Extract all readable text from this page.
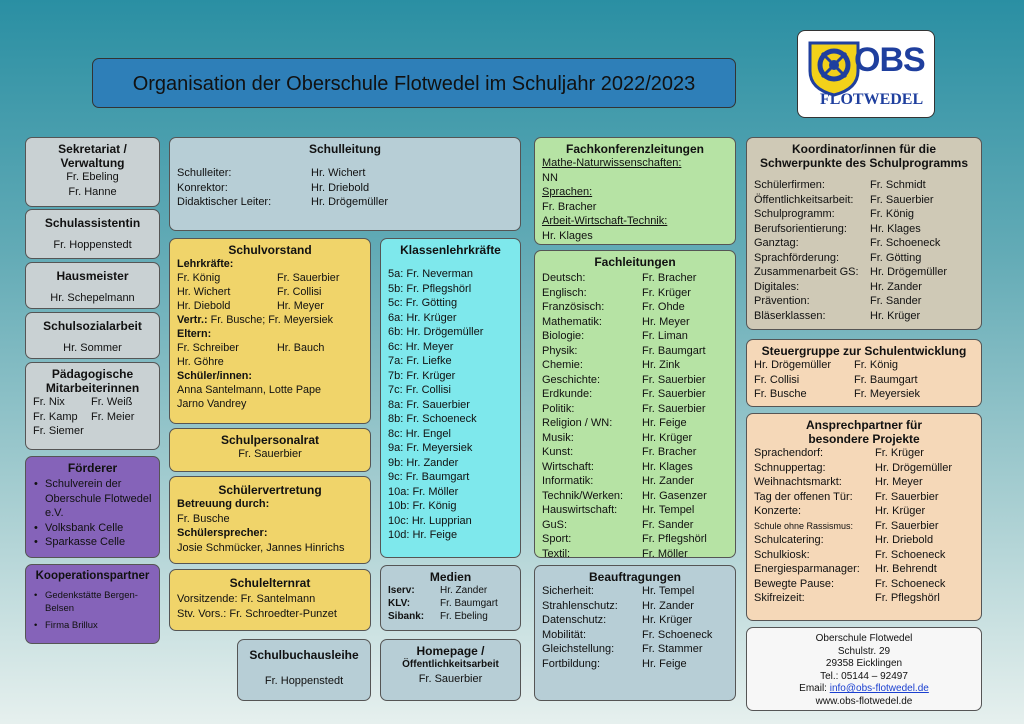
Organisation der Oberschule Flotwedel im Schuljahr 2022/2023
OBS
FLOTWEDEL
Sekretariat /
Verwaltung
Fr. Ebeling
Fr. Hanne
Schulassistentin
Fr. Hoppenstedt
Hausmeister
Hr. Schepelmann
Schulsozialarbeit
Hr. Sommer
Pädagogische
Mitarbeiterinnen
Fr. Nix	Fr. Weiß
Fr. Kamp	Fr. Meier
Fr. Siemer
Förderer
• Schulverein der Oberschule Flotwedel e.V.
• Volksbank Celle
• Sparkasse Celle
Kooperationspartner
• Gedenkstätte Bergen-Belsen
• Firma Brillux
Schulleitung
Schulleiter:	Hr. Wichert
Konrektor:	Hr. Driebold
Didaktischer Leiter:	Hr. Drögemüller
Schulvorstand
Lehrkräfte:
Fr. König	Fr. Sauerbier
Hr. Wichert	Fr. Collisi
Hr. Diebold	Hr. Meyer
Vertr.: Fr. Busche; Fr. Meyersiek
Eltern:
Fr. Schreiber	Hr. Bauch
Hr. Göhre
Schüler/innen:
Anna Santelmann, Lotte Pape
Jarno Vandrey
Schulpersonalrat
Fr. Sauerbier
Schülervertretung
Betreuung durch:
Fr. Busche
Schülersprecher:
Josie Schmücker, Jannes Hinrichs
Schulelternrat
Vorsitzende: Fr. Santelmann
Stv. Vors.: Fr. Schroedter-Punzet
Schulbuchausleihe
Fr. Hoppenstedt
Klassenlehrkräfte
5a: Fr. Neverman
5b: Fr. Pflegshörl
5c: Fr. Götting
6a: Hr. Krüger
6b: Hr. Drögemüller
6c: Hr. Meyer
7a: Fr. Liefke
7b: Fr. Krüger
7c: Fr. Collisi
8a: Fr. Sauerbier
8b: Fr. Schoeneck
8c: Hr. Engel
9a: Fr. Meyersiek
9b: Hr. Zander
9c: Fr. Baumgart
10a: Fr. Möller
10b: Fr. König
10c: Hr. Lupprian
10d: Hr. Feige
Medien
Iserv:	Hr. Zander
KLV:	Fr. Baumgart
Sibank:	Fr. Ebeling
Homepage /
Öffentlichkeitsarbeit
Fr. Sauerbier
Fachkonferenzleitungen
Mathe-Naturwissenschaften:
NN
Sprachen:
Fr. Bracher
Arbeit-Wirtschaft-Technik:
Hr. Klages
Fachleitungen
Deutsch:	Fr. Bracher
Englisch:	Fr. Krüger
Französisch:	Fr. Ohde
Mathematik:	Hr. Meyer
Biologie:	Fr. Liman
Physik:	Fr. Baumgart
Chemie:	Hr. Zink
Geschichte:	Fr. Sauerbier
Erdkunde:	Fr. Sauerbier
Politik:	Fr. Sauerbier
Religion / WN:	Hr. Feige
Musik:	Hr. Krüger
Kunst:	Fr. Bracher
Wirtschaft:	Hr. Klages
Informatik:	Hr. Zander
Technik/Werken:	Hr. Gasenzer
Hauswirtschaft:	Hr. Tempel
GuS:	Fr. Sander
Sport:	Fr. Pflegshörl
Textil:	Fr. Möller
Beauftragungen
Sicherheit:	Hr. Tempel
Strahlenschutz:	Hr. Zander
Datenschutz:	Hr. Krüger
Mobilität:	Fr. Schoeneck
Gleichstellung:	Fr. Stammer
Fortbildung:	Hr. Feige
Koordinator/innen für die
Schwerpunkte des Schulprogramms
Schülerfirmen:	Fr. Schmidt
Öffentlichkeitsarbeit:	Fr. Sauerbier
Schulprogramm:	Fr. König
Berufsorientierung:	Hr. Klages
Ganztag:	Fr. Schoeneck
Sprachförderung:	Fr. Götting
Zusammenarbeit GS:	Hr. Drögemüller
Digitales:	Hr. Zander
Prävention:	Fr. Sander
Bläserklassen:	Hr. Krüger
Steuergruppe zur Schulentwicklung
Hr. Drögemüller	Fr. König
Fr. Collisi	Fr. Baumgart
Fr. Busche	Fr. Meyersiek
Ansprechpartner für
besondere Projekte
Sprachendorf:	Fr. Krüger
Schnuppertag:	Hr. Drögemüller
Weihnachtsmarkt:	Hr. Meyer
Tag der offenen Tür:	Fr. Sauerbier
Konzerte:	Hr. Krüger
Schule ohne Rassismus:	Fr. Sauerbier
Schulcatering:	Hr. Driebold
Schulkiosk:	Fr. Schoeneck
Energiesparmanager:	Hr. Behrendt
Bewegte Pause:	Fr. Schoeneck
Skifreizeit:	Fr. Pflegshörl
Oberschule Flotwedel
Schulstr. 29
29358 Eicklingen
Tel.: 05144 – 92497
Email: info@obs-flotwedel.de
www.obs-flotwedel.de
